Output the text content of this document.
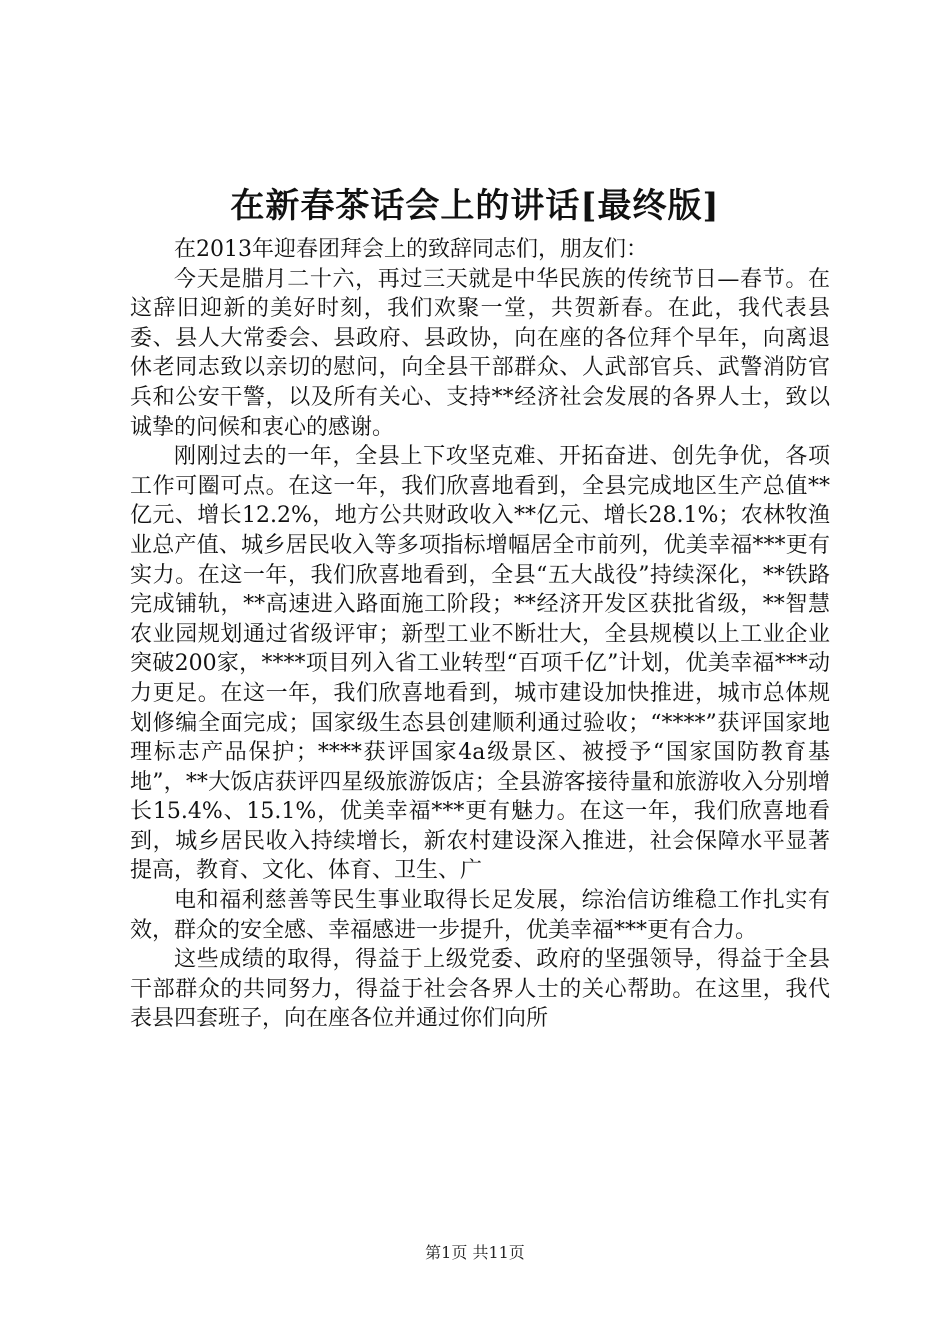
在新春茶话会上的讲话[最终版]

在2013年迎春团拜会上的致辞同志们，朋友们：

今天是腊月二十六，再过三天就是中华民族的传统节日—春节。在这辞旧迎新的美好时刻，我们欢聚一堂，共贺新春。在此，我代表县委、县人大常委会、县政府、县政协，向在座的各位拜个早年，向离退休老同志致以亲切的慰问，向全县干部群众、人武部官兵、武警消防官兵和公安干警，以及所有关心、支持**经济社会发展的各界人士，致以诚挚的问候和衷心的感谢。

刚刚过去的一年，全县上下攻坚克难、开拓奋进、创先争优，各项工作可圈可点。在这一年，我们欣喜地看到，全县完成地区生产总值**亿元、增长12.2%，地方公共财政收入**亿元、增长28.1%；农林牧渔业总产值、城乡居民收入等多项指标增幅居全市前列，优美幸福***更有实力。在这一年，我们欣喜地看到，全县“五大战役”持续深化，**铁路完成铺轨，**高速进入路面施工阶段；**经济开发区获批省级，**智慧农业园规划通过省级评审；新型工业不断壮大，全县规模以上工业企业突破200家，****项目列入省工业转型“百项千亿”计划，优美幸福***动力更足。在这一年，我们欣喜地看到，城市建设加快推进，城市总体规划修编全面完成；国家级生态县创建顺利通过验收；“****”获评国家地理标志产品保护；****获评国家4a级景区、被授予“国家国防教育基地”，**大饭店获评四星级旅游饭店；全县游客接待量和旅游收入分别增长15.4%、15.1%，优美幸福***更有魅力。在这一年，我们欣喜地看到，城乡居民收入持续增长，新农村建设深入推进，社会保障水平显著提高，教育、文化、体育、卫生、广

电和福利慈善等民生事业取得长足发展，综治信访维稳工作扎实有效，群众的安全感、幸福感进一步提升，优美幸福***更有合力。

这些成绩的取得，得益于上级党委、政府的坚强领导，得益于全县干部群众的共同努力，得益于社会各界人士的关心帮助。在这里，我代表县四套班子，向在座各位并通过你们向所

第1页 共11页
